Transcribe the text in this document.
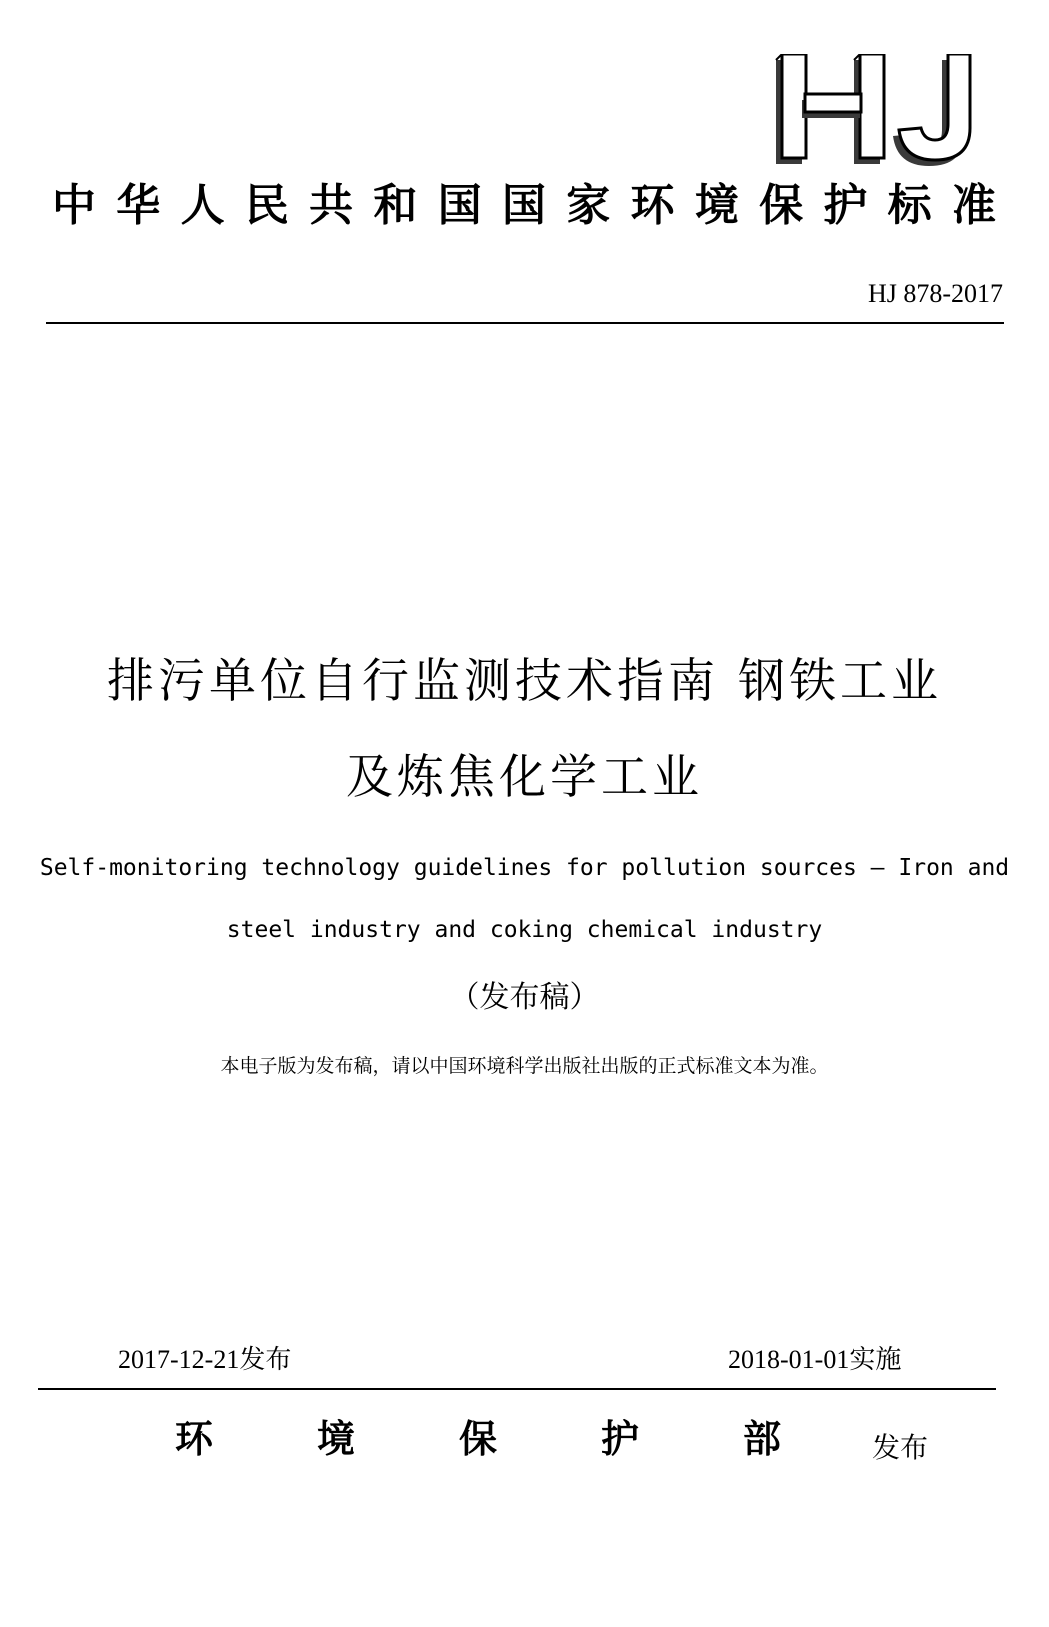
中 华 人 民 共 和 国 国 家 环 境 保 护 标 准
HJ 878-2017
排污单位自行监测技术指南 钢铁工业
及炼焦化学工业
Self-monitoring technology guidelines for pollution sources — Iron and
steel industry and coking chemical industry
（发布稿）
本电子版为发布稿，请以中国环境科学出版社出版的正式标准文本为准。
2017-12-21发布	2018-01-01实施
环	境	保	护	部	发布
